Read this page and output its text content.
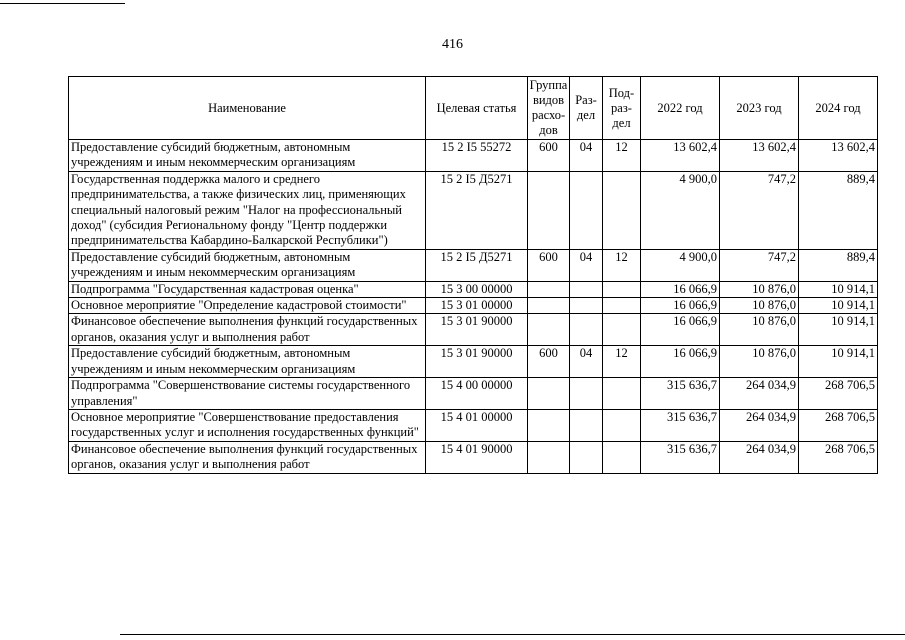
416
Наименование	Целевая статья	Группа видов расхо-дов	Раз-дел	Под-раз-дел	2022 год	2023 год	2024 год
Предоставление субсидий бюджетным, автономным учреждениям и иным некоммерческим организациям	15 2 I5 55272	600	04	12	13 602,4	13 602,4	13 602,4
Государственная поддержка малого и среднего предпринимательства, а также физических лиц, применяющих специальный налоговый режим "Налог на профессиональный доход" (субсидия Региональному фонду "Центр поддержки предпринимательства Кабардино-Балкарской Республики")	15 2 I5 Д5271				4 900,0	747,2	889,4
Предоставление субсидий бюджетным, автономным учреждениям и иным некоммерческим организациям	15 2 I5 Д5271	600	04	12	4 900,0	747,2	889,4
Подпрограмма "Государственная кадастровая оценка"	15 3 00 00000				16 066,9	10 876,0	10 914,1
Основное мероприятие "Определение кадастровой стоимости"	15 3 01 00000				16 066,9	10 876,0	10 914,1
Финансовое обеспечение выполнения функций государственных органов, оказания услуг и выполнения работ	15 3 01 90000				16 066,9	10 876,0	10 914,1
Предоставление субсидий бюджетным, автономным учреждениям и иным некоммерческим организациям	15 3 01 90000	600	04	12	16 066,9	10 876,0	10 914,1
Подпрограмма "Совершенствование системы государственного управления"	15 4 00 00000				315 636,7	264 034,9	268 706,5
Основное мероприятие "Совершенствование предоставления государственных услуг и исполнения государственных функций"	15 4 01 00000				315 636,7	264 034,9	268 706,5
Финансовое обеспечение выполнения функций государственных органов, оказания услуг и выполнения работ	15 4 01 90000				315 636,7	264 034,9	268 706,5
